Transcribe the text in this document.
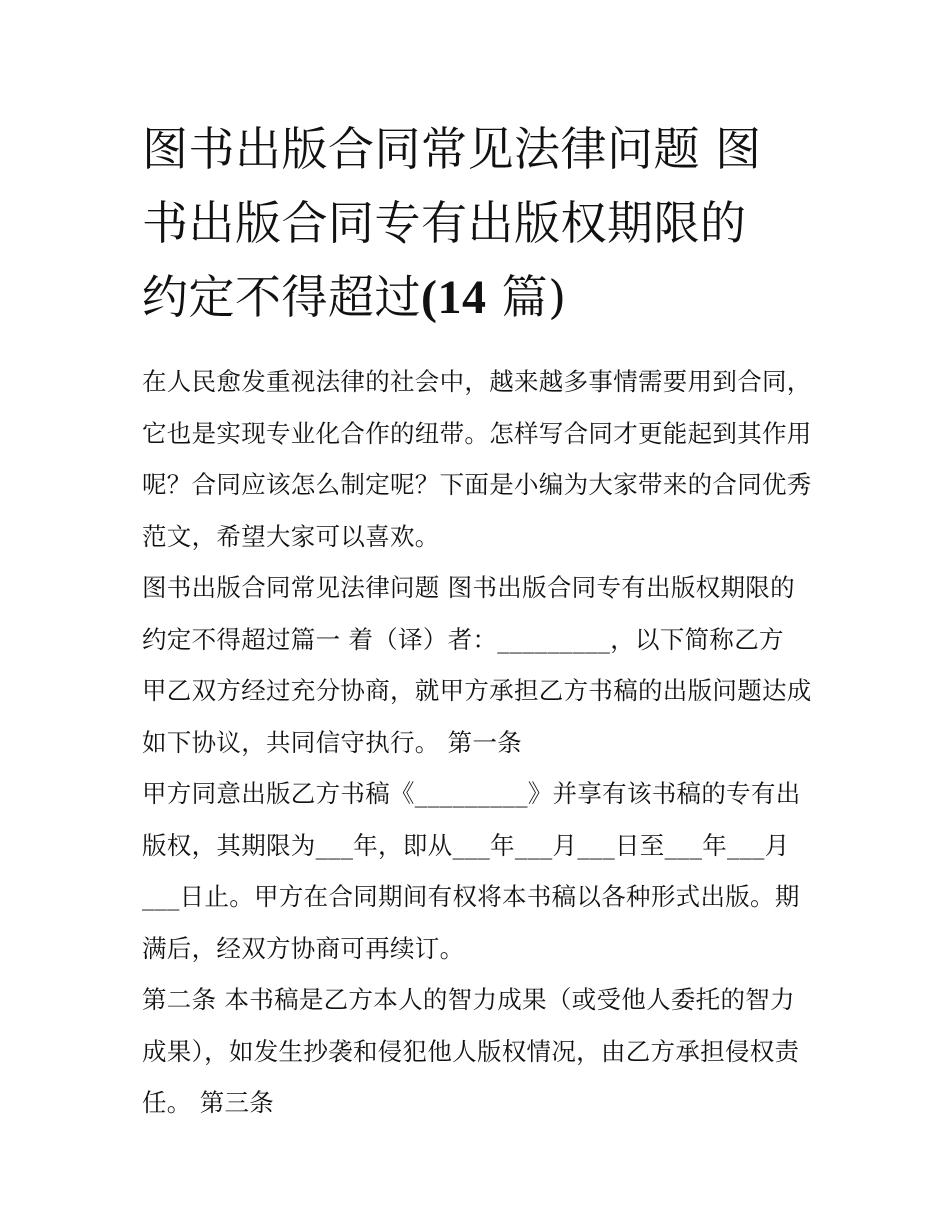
图书出版合同常见法律问题 图
书出版合同专有出版权期限的
约定不得超过(14 篇)

在人民愈发重视法律的社会中，越来越多事情需要用到合同，
它也是实现专业化合作的纽带。怎样写合同才更能起到其作用
呢？合同应该怎么制定呢？下面是小编为大家带来的合同优秀
范文，希望大家可以喜欢。

图书出版合同常见法律问题 图书出版合同专有出版权期限的
约定不得超过篇一 着（译）者：_________，以下简称乙方
甲乙双方经过充分协商，就甲方承担乙方书稿的出版问题达成
如下协议，共同信守执行。 第一条

甲方同意出版乙方书稿《_________》并享有该书稿的专有出
版权，其期限为___年，即从___年___月___日至___年___月
___日止。甲方在合同期间有权将本书稿以各种形式出版。期
满后，经双方协商可再续订。

第二条 本书稿是乙方本人的智力成果（或受他人委托的智力
成果），如发生抄袭和侵犯他人版权情况，由乙方承担侵权责
任。 第三条
